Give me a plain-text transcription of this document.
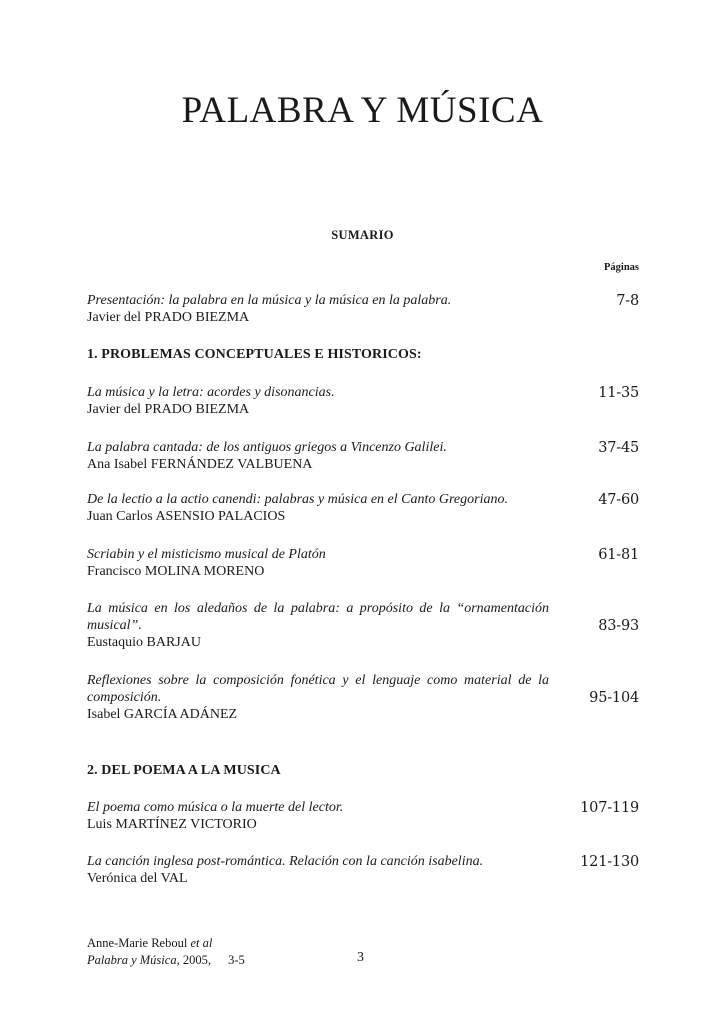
PALABRA Y MÚSICA
SUMARIO
Páginas
Presentación: la palabra en la música y la música en la palabra.
Javier del PRADO BIEZMA
7-8
1. PROBLEMAS CONCEPTUALES E HISTORICOS:
La música y la letra: acordes y disonancias.
Javier del PRADO BIEZMA
11-35
La palabra cantada: de los antiguos griegos a Vincenzo Galilei.
Ana Isabel FERNÁNDEZ VALBUENA
37-45
De la lectio a la actio canendi: palabras y música en el Canto Gregoriano.
Juan Carlos ASENSIO PALACIOS
47-60
Scriabin y el misticismo musical de Platón
Francisco MOLINA MORENO
61-81
La música en los aledaños de la palabra: a propósito de la “ornamentación musical”.
Eustaquio BARJAU
83-93
Reflexiones sobre la composición fonética y el lenguaje como material de la composición.
Isabel GARCÍA ADÁNEZ
95-104
2. DEL POEMA A LA MUSICA
El poema como música o la muerte del lector.
Luis MARTÍNEZ VICTORIO
107-119
La canción inglesa post-romántica. Relación con la canción isabelina.
Verónica del VAL
121-130
Anne-Marie Reboul et al
Palabra y Música, 2005, 3-5	3
